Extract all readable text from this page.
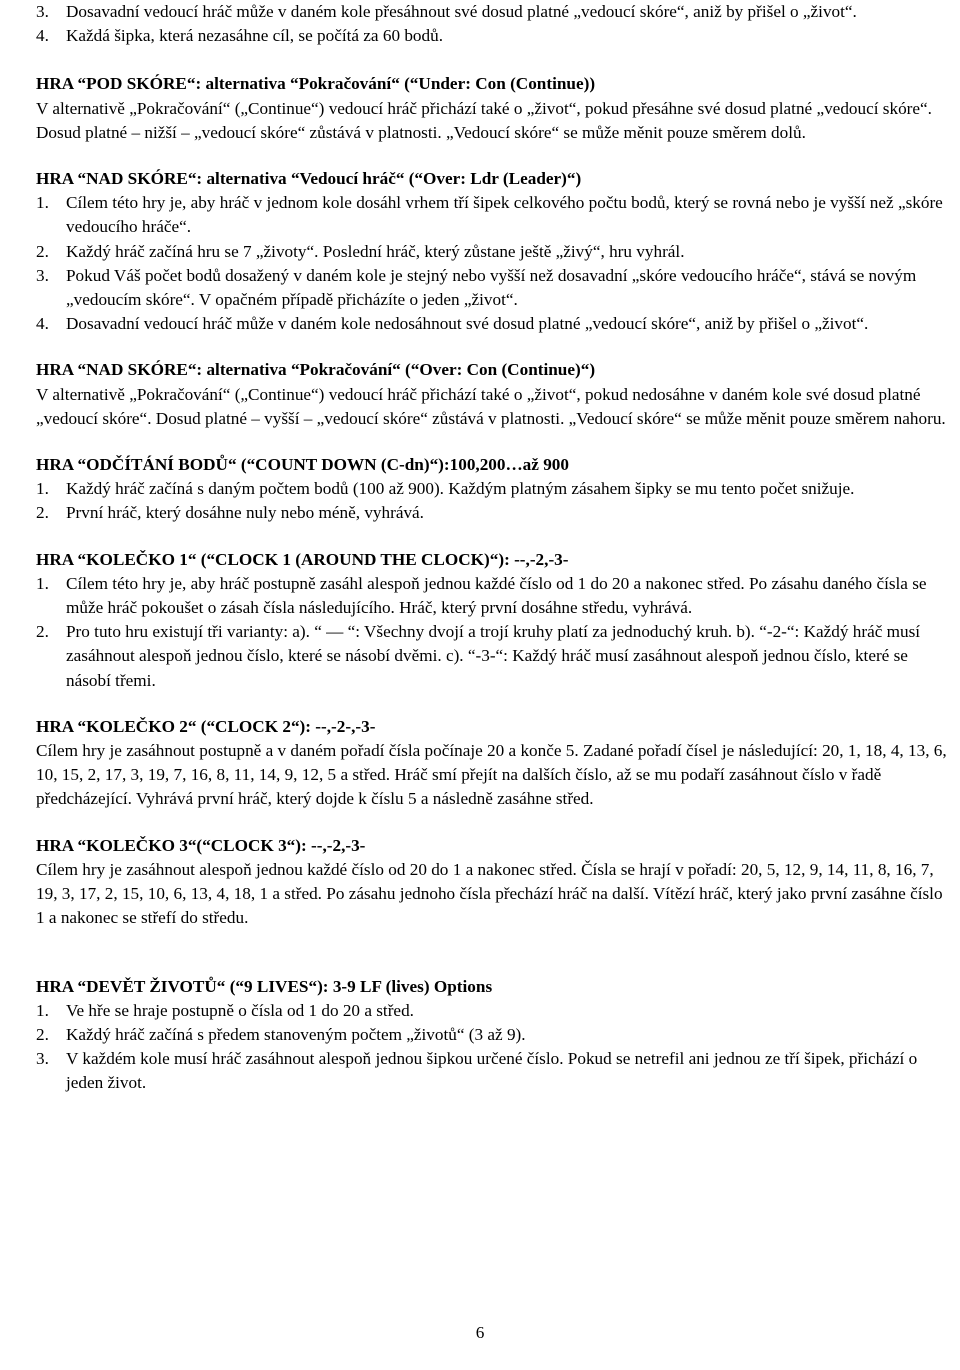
3. Dosavadní vedoucí hráč může v daném kole přesáhnout své dosud platné „vedoucí skóre“, aniž by přišel o „život“.
4. Každá šipka, která nezasáhne cíl, se počítá za 60 bodů.

HRA “POD SKÓRE“: alternativa “Pokračování“ (“Under: Con (Continue))

V alternativě „Pokračování“ („Continue“) vedoucí hráč přichází také o „život“, pokud přesáhne své dosud platné „vedoucí skóre“. Dosud platné – nižší – „vedoucí skóre“ zůstává v platnosti. „Vedoucí skóre“ se může měnit pouze směrem dolů.

HRA “NAD SKÓRE“: alternativa “Vedoucí hráč“ (“Over: Ldr (Leader)“)

1. Cílem této hry je, aby hráč v jednom kole dosáhl vrhem tří šipek celkového počtu bodů, který se rovná nebo je vyšší než „skóre vedoucího hráče“.
2. Každý hráč začíná hru se 7 „životy“. Poslední hráč, který zůstane ještě „živý“, hru vyhrál.
3. Pokud Váš počet bodů dosažený v daném kole je stejný nebo vyšší než dosavadní „skóre vedoucího hráče“, stává se novým „vedoucím skóre“. V opačném případě přicházíte o jeden „život“.
4. Dosavadní vedoucí hráč může v daném kole nedosáhnout své dosud platné „vedoucí skóre“, aniž by přišel o „život“.

HRA “NAD SKÓRE“: alternativa “Pokračování“ (“Over: Con (Continue)“)

V alternativě „Pokračování“ („Continue“) vedoucí hráč přichází také o „život“, pokud nedosáhne v daném kole své dosud platné „vedoucí skóre“. Dosud platné – vyšší – „vedoucí skóre“ zůstává v platnosti. „Vedoucí skóre“ se může měnit pouze směrem nahoru.

HRA “ODČÍTÁNÍ BODŮ“ (“COUNT DOWN (C-dn)“):100,200…až 900

1. Každý hráč začíná s daným počtem bodů (100 až 900). Každým platným zásahem šipky se mu tento počet snižuje.
2. První hráč, který dosáhne nuly nebo méně, vyhrává.

HRA “KOLEČKO 1“ (“CLOCK 1 (AROUND THE CLOCK)“): --,-2,-3-

1. Cílem této hry je, aby hráč postupně zasáhl alespoň jednou každé číslo od 1 do 20 a nakonec střed. Po zásahu daného čísla se může hráč pokoušet o zásah čísla následujícího. Hráč, který první dosáhne středu, vyhrává.
2. Pro tuto hru existují tři varianty: a). “ — “: Všechny dvojí a trojí kruhy platí za jednoduchý kruh. b). “-2-“: Každý hráč musí zasáhnout alespoň jednou číslo, které se násobí dvěmi. c). “-3-“: Každý hráč musí zasáhnout alespoň jednou číslo, které se násobí třemi.

HRA “KOLEČKO 2“ (“CLOCK 2“): --,-2-,-3-

Cílem hry je zasáhnout postupně a v daném pořadí čísla počínaje 20 a konče 5. Zadané pořadí čísel je následující: 20, 1, 18, 4, 13, 6, 10, 15, 2, 17, 3, 19, 7, 16, 8, 11, 14, 9, 12, 5 a střed. Hráč smí přejít na dalších číslo, až se mu podaří zasáhnout číslo v řadě předcházející. Vyhrává první hráč, který dojde k číslu 5 a následně zasáhne střed.

HRA “KOLEČKO 3“(“CLOCK 3“): --,-2,-3-

Cílem hry je zasáhnout alespoň jednou každé číslo od 20 do 1 a nakonec střed. Čísla se hrají v pořadí: 20, 5, 12, 9, 14, 11, 8, 16, 7, 19, 3, 17, 2, 15, 10, 6, 13, 4, 18, 1 a střed. Po zásahu jednoho čísla přechází hráč na další. Vítězí hráč, který jako první zasáhne číslo 1 a nakonec se střefí do středu.

HRA “DEVĚT ŽIVOTŮ“ (“9 LIVES“): 3-9 LF (lives) Options

1. Ve hře se hraje postupně o čísla od 1 do 20 a střed.
2. Každý hráč začíná s předem stanoveným počtem „životů“ (3 až 9).
3. V každém kole musí hráč zasáhnout alespoň jednou šipkou určené číslo. Pokud se netrefil ani jednou ze tří šipek, přichází o jeden život.
6
